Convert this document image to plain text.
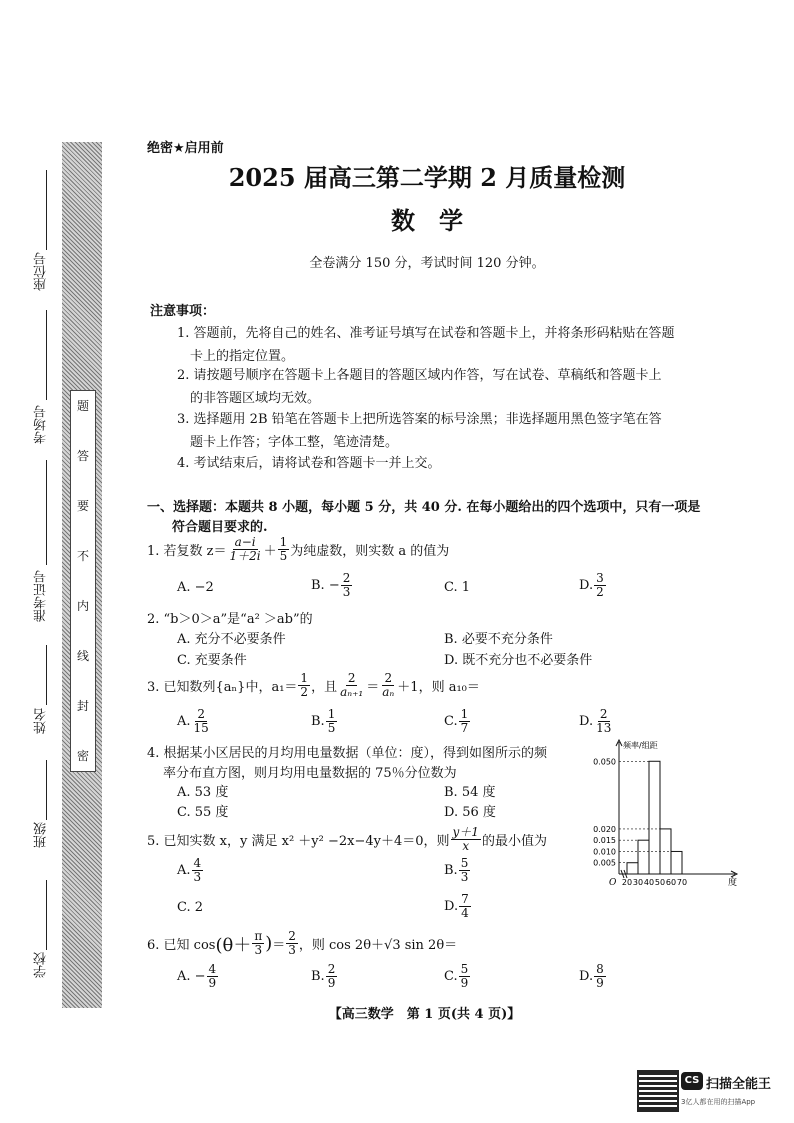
题
答
要
不
内
线
封
密
座位号
考场号
准考证号
姓名
班级
学校
绝密★启用前
2025 届高三第二学期 2 月质量检测
数　学
全卷满分 150 分，考试时间 120 分钟。
注意事项：
1. 答题前，先将自己的姓名、准考证号填写在试卷和答题卡上，并将条形码粘贴在答题
卡上的指定位置。
2. 请按题号顺序在答题卡上各题目的答题区域内作答，写在试卷、草稿纸和答题卡上
的非答题区域均无效。
3. 选择题用 2B 铅笔在答题卡上把所选答案的标号涂黑；非选择题用黑色签字笔在答
题卡上作答；字体工整，笔迹清楚。
4. 考试结束后，请将试卷和答题卡一并上交。
一、选择题：本题共 8 小题，每小题 5 分，共 40 分. 在每小题给出的四个选项中，只有一项是
符合题目要求的.
1. 若复数 $z= \frac{a-i}{1+2i} + \frac{1}{5}$ 为纯虚数，则实数 a 的值为
A. −2	B. − $\frac{2}{3}$	C. 1	D. $\frac{3}{2}$
2. “b＞0＞a”是“a² ＞ab”的
A. 充分不必要条件	B. 必要不充分条件
C. 充要条件	D. 既不充分也不必要条件
3. 已知数列{aₙ}中，$a_1= \frac{1}{2}$ ，且 $\frac{2}{\text{aₙ₊₁}} = \frac{2}{\text{aₙ}} +1$，则 a₁₀＝
A. $\frac{2}{15}$	B. $\frac{1}{5}$	C. $\frac{1}{7}$	D. $\frac{2}{13}$
4. 根据某小区居民的月均用电量数据（单位：度），得到如图所示的频
率分布直方图，则月均用电量数据的 75％分位数为
A. 53 度	B. 54 度
C. 55 度	D. 56 度
0.050
0.020
0.015
0.010
0.005
20 30 40 50 60 70
O	度
频率/组距
5. 已知实数 x，y 满足 x² ＋y² −2x−4y＋4＝0，则 $\frac{y+1}{x}$ 的最小值为
A. $\frac{4}{3}$	B. $\frac{5}{3}$
C. 2	D. $\frac{7}{4}$
6. 已知 $\cos (\theta+ \frac{\pi}{3}$ ) ＝ $\frac{2}{3}$ ，则 cos 2θ＋√3 sin 2θ＝
A. − $\frac{4}{9}$	B. $\frac{2}{9}$	C. $\frac{5}{9}$	D. $\frac{8}{9}$
【高三数学　第 1 页(共 4 页)】
CS 扫描全能王
3亿人都在用的扫描App
